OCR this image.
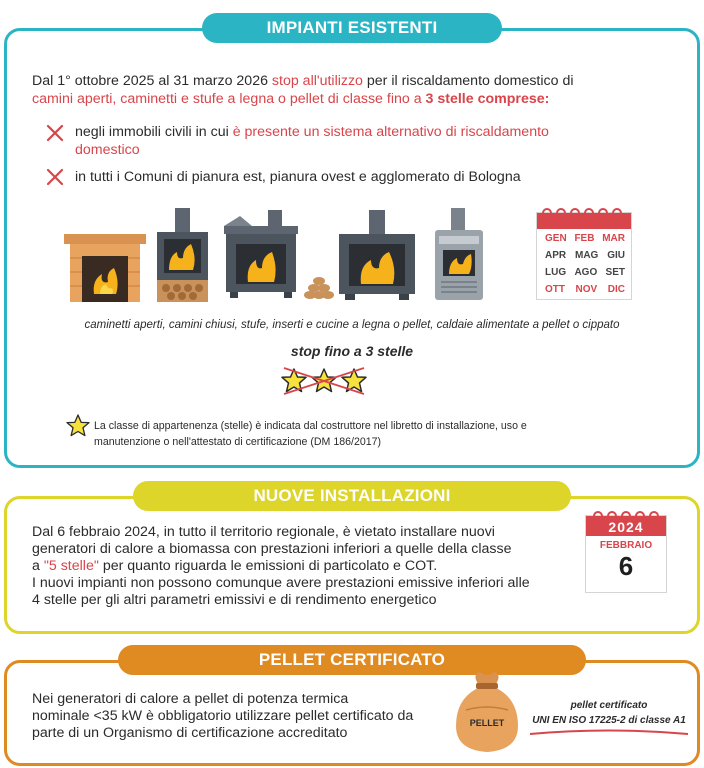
IMPIANTI ESISTENTI
Dal 1° ottobre 2025 al 31 marzo 2026 stop all'utilizzo per il riscaldamento domestico di
camini aperti, caminetti e stufe a legna o pellet di classe fino a 3 stelle comprese:
negli immobili civili in cui è presente un sistema alternativo di riscaldamento
domestico
in tutti i Comuni di pianura est, pianura ovest e agglomerato di Bologna
GEN FEB MAR
APR MAG GIU
LUG AGO SET
OTT NOV DIC
caminetti aperti, camini chiusi, stufe, inserti e cucine a legna o pellet, caldaie alimentate a pellet o cippato
stop fino a 3 stelle
La classe di appartenenza (stelle) è indicata dal costruttore nel libretto di installazione, uso e
manutenzione o nell'attestato di certificazione (DM 186/2017)
NUOVE INSTALLAZIONI
Dal 6 febbraio 2024, in tutto il territorio regionale, è vietato installare nuovi
generatori di calore a biomassa con prestazioni inferiori a quelle della classe
a "5 stelle" per quanto riguarda le emissioni di particolato e COT.
I nuovi impianti non possono comunque avere prestazioni emissive inferiori alle
4 stelle per gli altri parametri emissivi e di rendimento energetico
2024
FEBBRAIO
6
PELLET CERTIFICATO
Nei generatori di calore a pellet di potenza termica
nominale <35 kW è obbligatorio utilizzare pellet certificato da
parte di un Organismo di certificazione accreditato
PELLET
pellet certificato
UNI EN ISO 17225-2 di classe A1
